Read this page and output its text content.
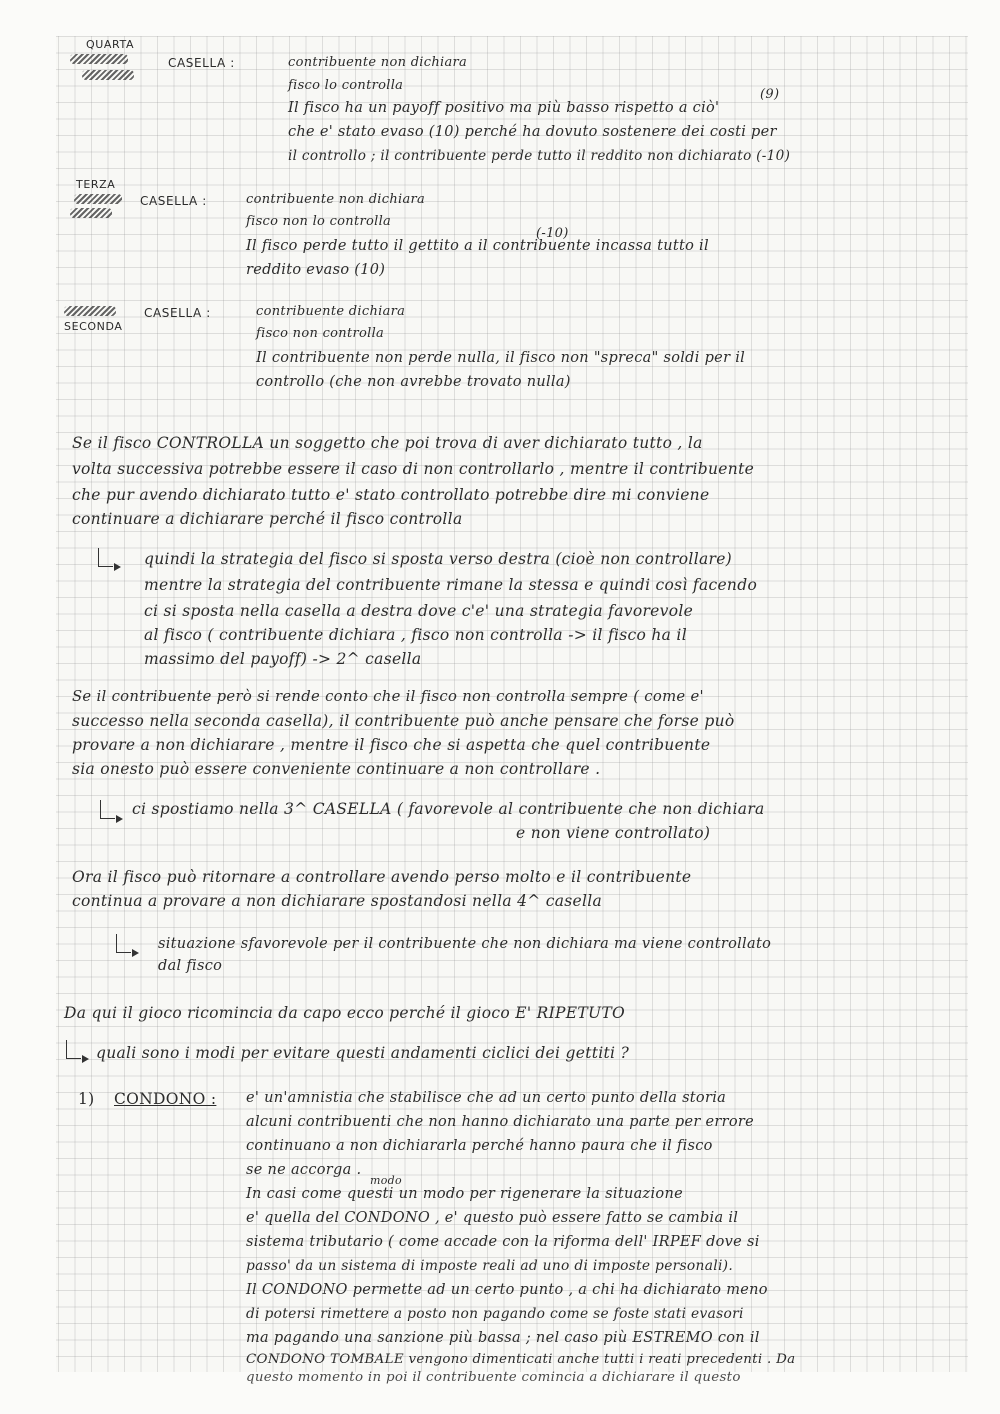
QUARTA
CASELLA :	contribuente non dichiara
fisco lo controlla
(9)
Il fisco ha un payoff positivo ma più basso rispetto a ciò'
che e' stato evaso (10) perché ha dovuto sostenere dei costi per
il controllo ; il contribuente perde tutto il reddito non dichiarato (-10)
TERZA
CASELLA :	contribuente non dichiara
fisco non lo controlla
(-10)
Il fisco perde tutto il gettito a il contribuente incassa tutto il
reddito evaso (10)
SECONDA
CASELLA :	contribuente dichiara
fisco non controlla
Il contribuente non perde nulla, il fisco non "spreca" soldi per il
controllo (che non avrebbe trovato nulla)
Se il fisco CONTROLLA un soggetto che poi trova di aver dichiarato tutto , la
volta successiva potrebbe essere il caso di non controllarlo , mentre il contribuente
che pur avendo dichiarato tutto e' stato controllato potrebbe dire mi conviene
continuare a dichiarare perché il fisco controlla
quindi la strategia del fisco si sposta verso destra (cioè non controllare)
mentre la strategia del contribuente rimane la stessa e quindi così facendo
ci si sposta nella casella a destra dove c'e' una strategia favorevole
al fisco ( contribuente dichiara , fisco non controlla -> il fisco ha il
massimo del payoff) -> 2^ casella
Se il contribuente però si rende conto che il fisco non controlla sempre ( come e'
successo nella seconda casella), il contribuente può anche pensare che forse può
provare a non dichiarare , mentre il fisco che si aspetta che quel contribuente
sia onesto può essere conveniente continuare a non controllare .
ci spostiamo nella 3^ CASELLA ( favorevole al contribuente che non dichiara
e non viene controllato)
Ora il fisco può ritornare a controllare avendo perso molto e il contribuente
continua a provare a non dichiarare spostandosi nella 4^ casella
situazione sfavorevole per il contribuente che non dichiara ma viene controllato
dal fisco
Da qui il gioco ricomincia da capo ecco perché il gioco E' RIPETUTO
quali sono i modi per evitare questi andamenti ciclici dei gettiti ?
1) CONDONO : e' un'amnistia che stabilisce che ad un certo punto della storia
alcuni contribuenti che non hanno dichiarato una parte per errore
continuano a non dichiararla perché hanno paura che il fisco
se ne accorga .
modo
In casi come questi un modo per rigenerare la situazione
e' quella del CONDONO , e' questo può essere fatto se cambia il
sistema tributario ( come accade con la riforma dell' IRPEF dove si
passo' da un sistema di imposte reali ad uno di imposte personali).
Il CONDONO permette ad un certo punto , a chi ha dichiarato meno
di potersi rimettere a posto non pagando come se foste stati evasori
ma pagando una sanzione più bassa ; nel caso più ESTREMO con il
CONDONO TOMBALE vengono dimenticati anche tutti i reati precedenti . Da
questo momento in poi il contribuente comincia a dichiarare il questo
